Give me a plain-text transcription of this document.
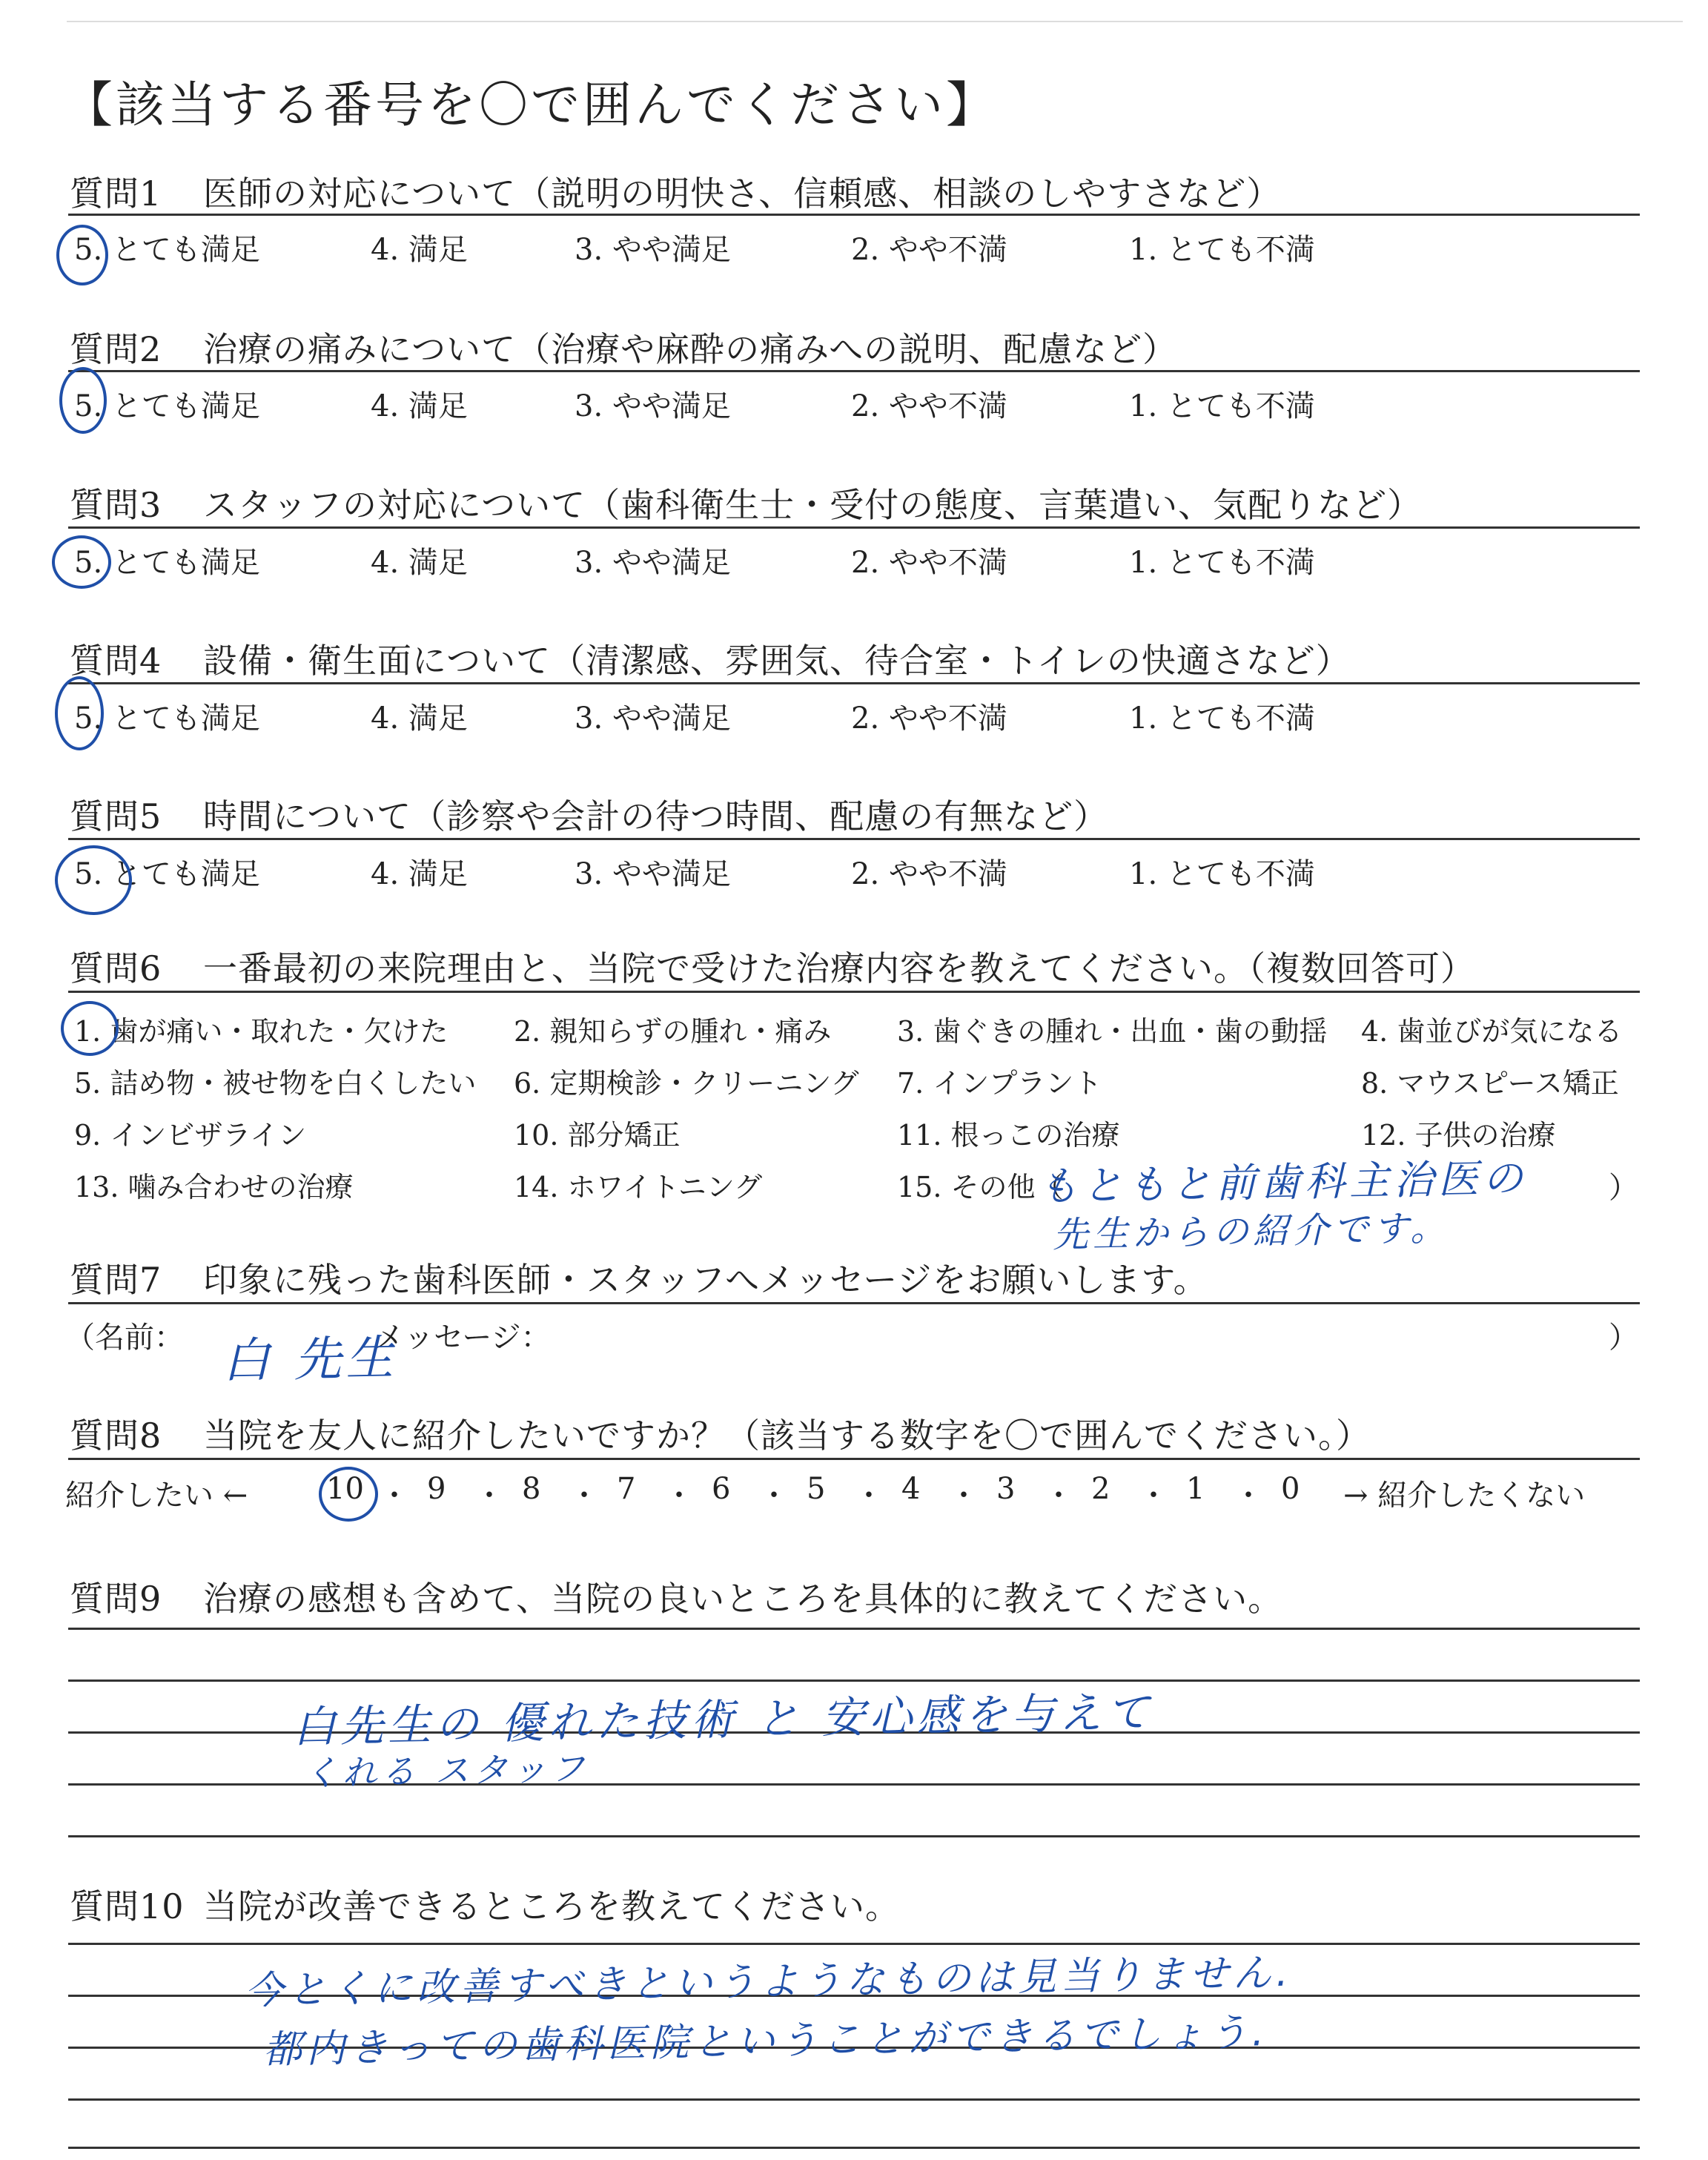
【該当する番号を〇で囲んでください】
質問1 医師の対応について（説明の明快さ、信頼感、相談のしやすさなど）
5. とても満足	4. 満足	3. やや満足	2. やや不満	1. とても不満
質問2 治療の痛みについて（治療や麻酔の痛みへの説明、配慮など）
5. とても満足	4. 満足	3. やや満足	2. やや不満	1. とても不満
質問3 スタッフの対応について（歯科衛生士・受付の態度、言葉遣い、気配りなど）
5. とても満足	4. 満足	3. やや満足	2. やや不満	1. とても不満
質問4 設備・衛生面について（清潔感、雰囲気、待合室・トイレの快適さなど）
5. とても満足	4. 満足	3. やや満足	2. やや不満	1. とても不満
質問5 時間について（診察や会計の待つ時間、配慮の有無など）
5. とても満足	4. 満足	3. やや満足	2. やや不満	1. とても不満
質問6 一番最初の来院理由と、当院で受けた治療内容を教えてください。（複数回答可）
1. 歯が痛い・取れた・欠けた 2. 親知らずの腫れ・痛み 3. 歯ぐきの腫れ・出血・歯の動揺 4. 歯並びが気になる
5. 詰め物・被せ物を白くしたい 6. 定期検診・クリーニング 7. インプラント	8. マウスピース矯正
9. インビザライン	10. 部分矯正	11. 根っこの治療	12. 子供の治療
13. 噛み合わせの治療	14. ホワイトニング	15. その他（	）
もともと前歯科主治医の
先生からの紹介です。
質問7 印象に残った歯科医師・スタッフへメッセージをお願いします。
（名前：	メッセージ：	）
白 先生
質問8 当院を友人に紹介したいですか？（該当する数字を〇で囲んでください。）
紹介したい ←	→ 紹介したくない
10 ・ 9 ・ 8 ・ 7 ・ 6 ・ 5 ・ 4 ・ 3 ・ 2 ・ 1 ・ 0
質問9 治療の感想も含めて、当院の良いところを具体的に教えてください。
白先生の 優れた技術 と 安心感を与えて
くれる スタッフ
質問10 当院が改善できるところを教えてください。
今とくに改善すべきというようなものは見当りません.
都内きっての歯科医院ということができるでしょう.
